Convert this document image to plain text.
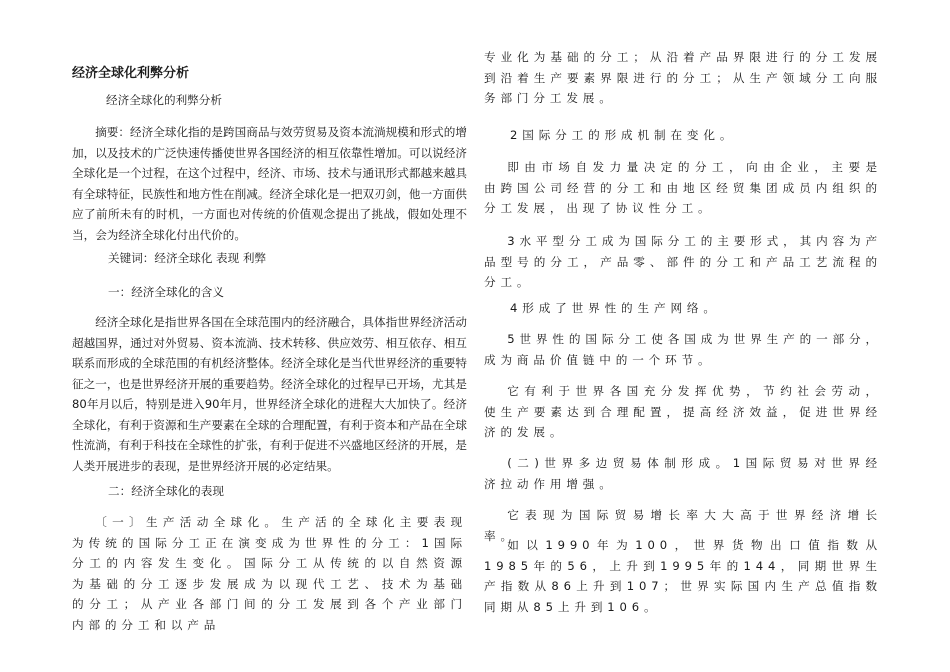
经济全球化利弊分析

经济全球化的利弊分析

摘要：经济全球化指的是跨国商品与效劳贸易及资本流淌规模和形式的增加，以及技术的广泛快速传播使世界各国经济的相互依靠性增加。可以说经济全球化是一个过程，在这个过程中，经济、市场、技术与通讯形式都越来越具有全球特征，民族性和地方性在削减。经济全球化是一把双刃剑，他一方面供应了前所未有的时机，一方面也对传统的价值观念提出了挑战，假如处理不当，会为经济全球化付出代价的。

关键词：经济全球化 表现 利弊

一：经济全球化的含义

经济全球化是指世界各国在全球范围内的经济融合，具体指世界经济活动超越国界，通过对外贸易、资本流淌、技术转移、供应效劳、相互依存、相互联系而形成的全球范围的有机经济整体。经济全球化是当代世界经济的重要特征之一，也是世界经济开展的重要趋势。经济全球化的过程早已开场，尤其是80年月以后，特别是进入90年月，世界经济全球化的进程大大加快了。经济全球化，有利于资源和生产要素在全球的合理配置，有利于资本和产品在全球性流淌，有利于科技在全球性的扩张，有利于促进不兴盛地区经济的开展，是人类开展进步的表现，是世界经济开展的必定结果。

二：经济全球化的表现

〔一〕生产活动全球化。生产活的全球化主要表现为传统的国际分工正在演变成为世界性的分工：1国际分工的内容发生变化。国际分工从传统的以自然资源为基础的分工逐步发展成为以现代工艺、技术为基础的分工；从产业各部门间的分工发展到各个产业部门内部的分工和以产品

专业化为基础的分工；从沿着产品界限进行的分工发展到沿着生产要素界限进行的分工；从生产领域分工向服务部门分工发展。

2国际分工的形成机制在变化。

即由市场自发力量决定的分工，向由企业，主要是由跨国公司经营的分工和由地区经贸集团成员内组织的分工发展，出现了协议性分工。

3水平型分工成为国际分工的主要形式，其内容为产品型号的分工，产品零、部件的分工和产品工艺流程的分工。

4形成了世界性的生产网络。

5世界性的国际分工使各国成为世界生产的一部分，成为商品价值链中的一个环节。

它有利于世界各国充分发挥优势，节约社会劳动，使生产要素达到合理配置，提高经济效益，促进世界经济的发展。

(二)世界多边贸易体制形成。1国际贸易对世界经济拉动作用增强。

它表现为国际贸易增长率大大高于世界经济增长率。

如以1990年为100，世界货物出口值指数从1985年的56，上升到1995年的144，同期世界生产指数从86上升到107；世界实际国内生产总值指数同期从85上升到106。
